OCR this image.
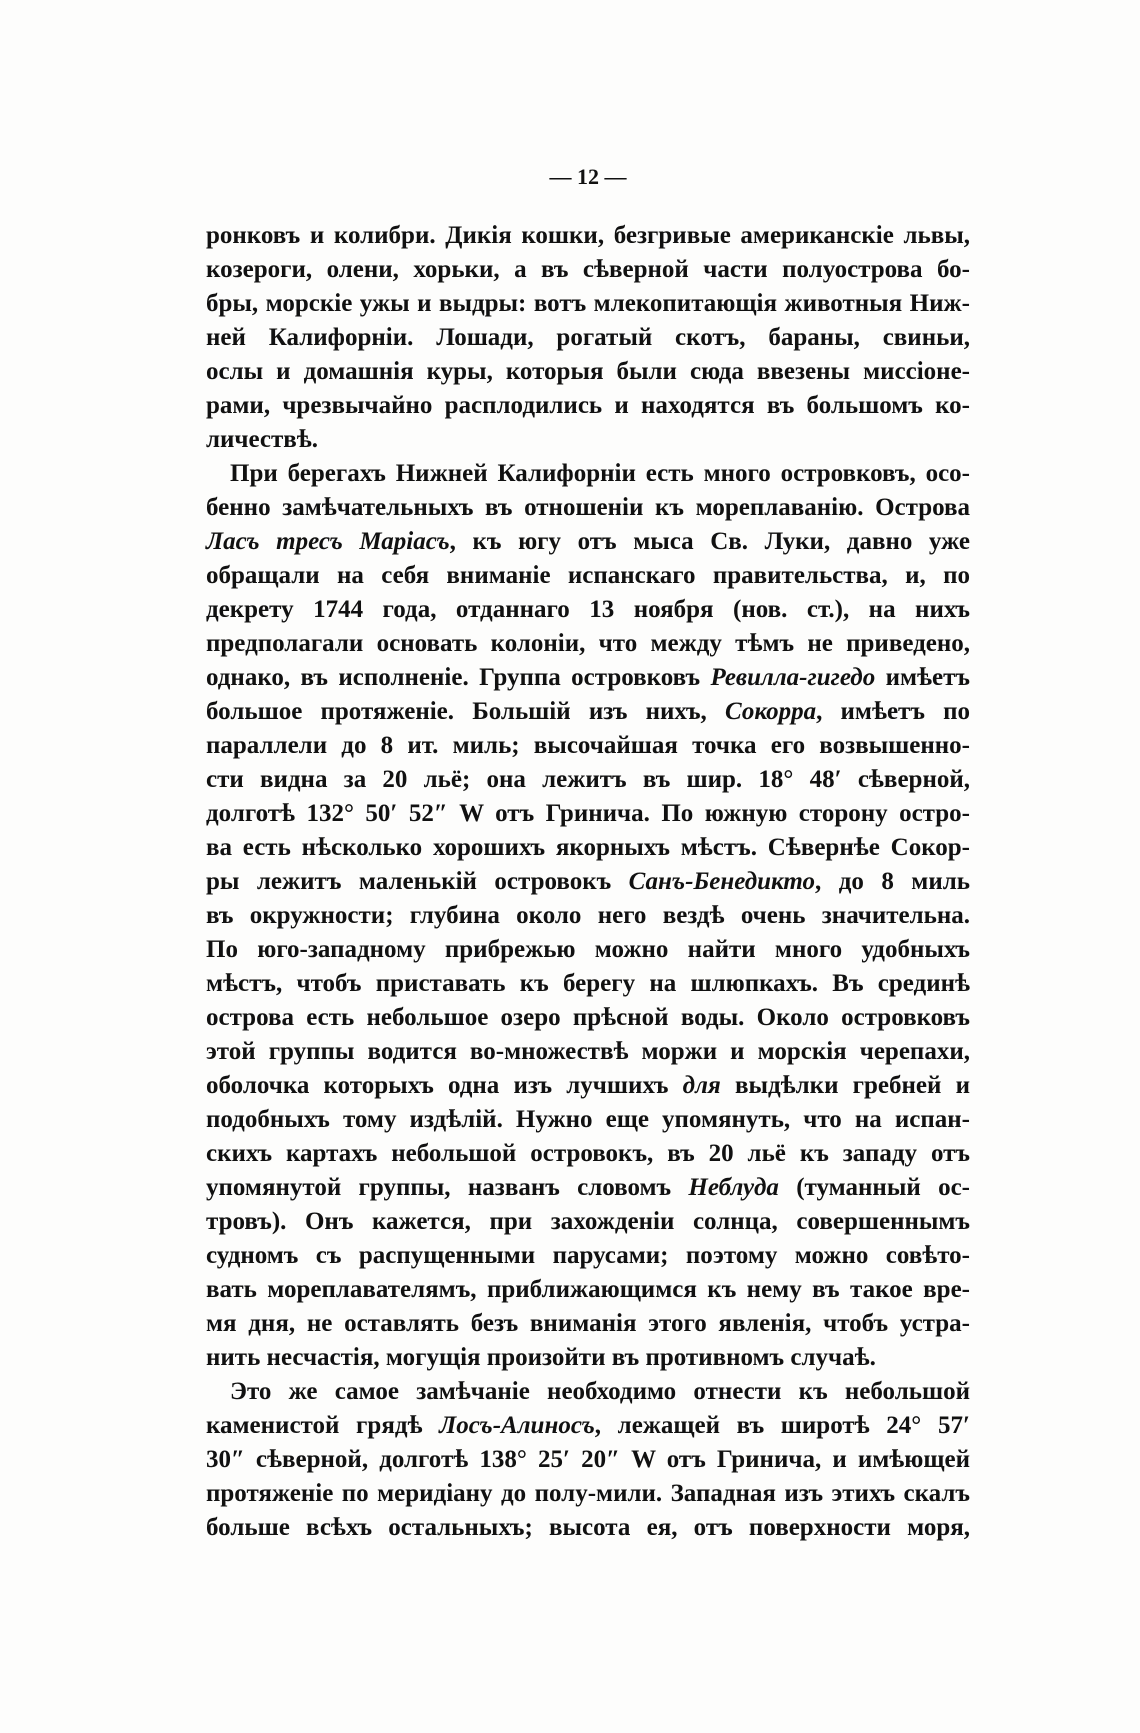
— 12 —
ронковъ и колибри. Дикія кошки, безгривые американскіе львы,
козероги, олени, хорьки, а въ сѣверной части полуострова бо-
бры, морскіе ужы и выдры: вотъ млекопитающія животныя Ниж-
ней Калифорніи. Лошади, рогатый скотъ, бараны, свиньи,
ослы и домашнія куры, которыя были сюда ввезены миссіоне-
рами, чрезвычайно расплодились и находятся въ большомъ ко-
личествѣ.
При берегахъ Нижней Калифорніи есть много островковъ, осо-
бенно замѣчательныхъ въ отношеніи къ мореплаванію. Острова
Ласъ тресъ Маріасъ, къ югу отъ мыса Св. Луки, давно уже
обращали на себя вниманіе испанскаго правительства, и, по
декрету 1744 года, отданнаго 13 ноября (нов. ст.), на нихъ
предполагали основать колоніи, что между тѣмъ не приведено,
однако, въ исполненіе. Группа островковъ Ревилла-гигедо имѣетъ
большое протяженіе. Большій изъ нихъ, Сокорра, имѣетъ по
параллели до 8 ит. миль; высочайшая точка его возвышенно-
сти видна за 20 льё; она лежитъ въ шир. 18° 48′ сѣверной,
долготѣ 132° 50′ 52″ W отъ Гринича. По южную сторону остро-
ва есть нѣсколько хорошихъ якорныхъ мѣстъ. Сѣвернѣе Сокор-
ры лежитъ маленькій островокъ Санъ-Бенедикто, до 8 миль
въ окружности; глубина около него вездѣ очень значительна.
По юго-западному прибрежью можно найти много удобныхъ
мѣстъ, чтобъ приставать къ берегу на шлюпкахъ. Въ срединѣ
острова есть небольшое озеро прѣсной воды. Около островковъ
этой группы водится во-множествѣ моржи и морскія черепахи,
оболочка которыхъ одна изъ лучшихъ для выдѣлки гребней и
подобныхъ тому издѣлій. Нужно еще упомянуть, что на испан-
скихъ картахъ небольшой островокъ, въ 20 льё къ западу отъ
упомянутой группы, названъ словомъ Неблуда (туманный ос-
тровъ). Онъ кажется, при захожденіи солнца, совершеннымъ
судномъ съ распущенными парусами; поэтому можно совѣто-
вать мореплавателямъ, приближающимся къ нему въ такое вре-
мя дня, не оставлять безъ вниманія этого явленія, чтобъ устра-
нить несчастія, могущія произойти въ противномъ случаѣ.
Это же самое замѣчаніе необходимо отнести къ небольшой
каменистой грядѣ Лосъ-Алиносъ, лежащей въ широтѣ 24° 57′
30″ сѣверной, долготѣ 138° 25′ 20″ W отъ Гринича, и имѣющей
протяженіе по меридіану до полу-мили. Западная изъ этихъ скалъ
больше всѣхъ остальныхъ; высота ея, отъ поверхности моря,
